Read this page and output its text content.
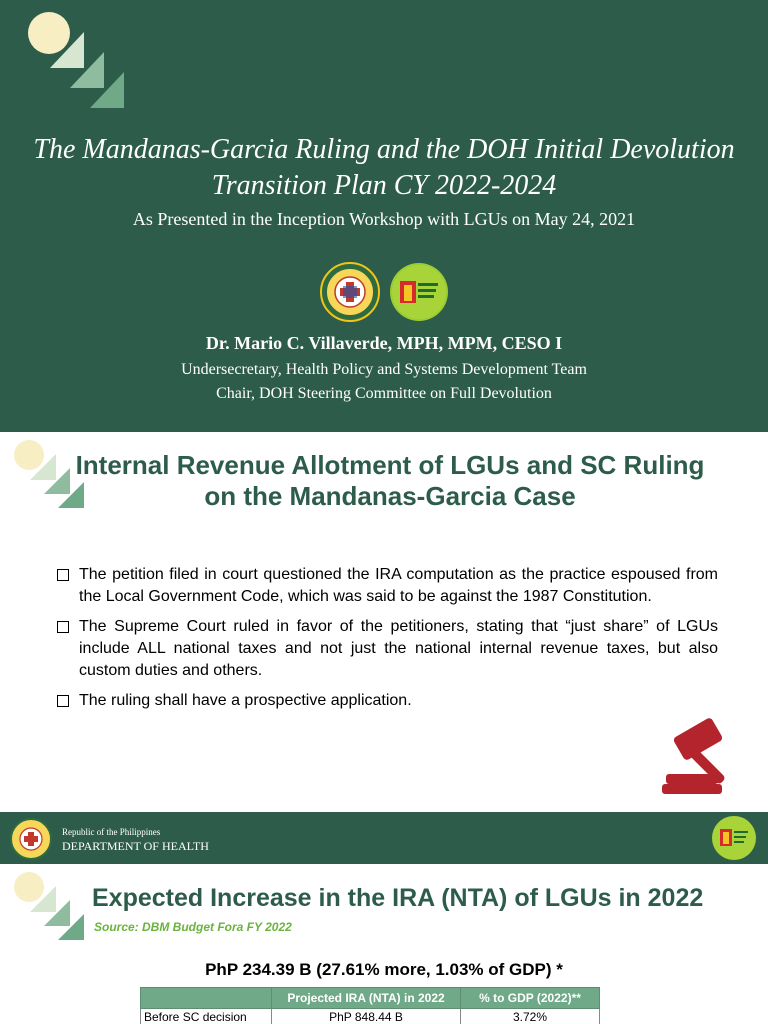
The Mandanas-Garcia Ruling and the DOH Initial Devolution
Transition Plan CY 2022-2024
As Presented in the Inception Workshop with LGUs on May 24, 2021
Dr. Mario C. Villaverde, MPH, MPM, CESO I
Undersecretary, Health Policy and Systems Development Team
Chair, DOH Steering Committee on Full Devolution
Internal Revenue Allotment of LGUs and SC Ruling on the Mandanas-Garcia Case
The petition filed in court questioned the IRA computation as the practice espoused from the Local Government Code, which was said to be against the 1987 Constitution.
The Supreme Court ruled in favor of the petitioners, stating that “just share” of LGUs include ALL national taxes and not just the national internal revenue taxes, but also custom duties and others.
The ruling shall have a prospective application.
Republic of the Philippines
DEPARTMENT OF HEALTH
Expected Increase in the IRA (NTA) of LGUs in 2022
Source: DBM Budget Fora FY 2022
PhP 234.39 B (27.61% more, 1.03% of GDP) *
	Projected IRA (NTA) in 2022	% to GDP (2022)**
Before SC decision	PhP 848.44 B	3.72%
